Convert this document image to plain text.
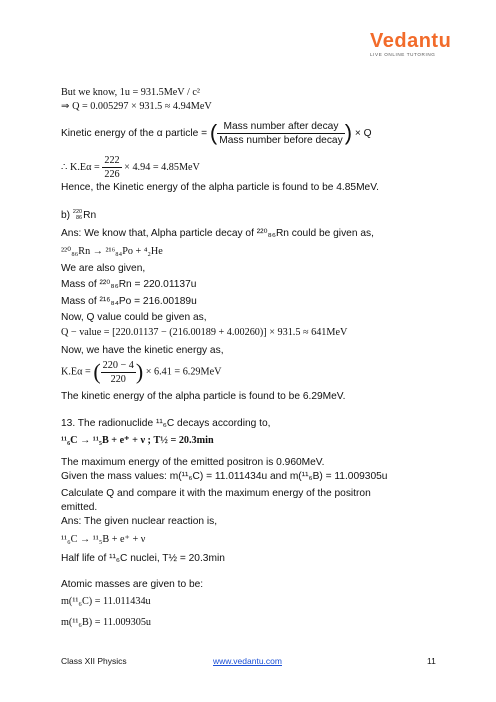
Vedantu
LIVE ONLINE TUTORING
But we know, 1u = 931.5MeV / c²
⇒ Q = 0.005297 × 931.5 ≈ 4.94MeV
Kinetic energy of the α particle = ( $\frac{\text{Mass number after decay}}{\text{Mass number before decay}}$ ) × Q
∴ $K.E\alpha = \frac{222}{226} \times 4.94 = 4.85MeV$
Hence, the Kinetic energy of the alpha particle is found to be 4.85MeV.
b) 220
86 Rn
Ans: We know that, Alpha particle decay of ²²⁰₈₆Rn could be given as,
²²⁰₈₆Rn → ²¹⁶₈₄Po + ⁴₂He
We are also given,
Mass of ²²⁰₈₆Rn = 220.01137u
Mass of ²¹⁶₈₄Po = 216.00189u
Now, Q value could be given as,
Q − value = [220.01137 − (216.00189 + 4.00260)] × 931.5 ≈ 641MeV
Now, we have the kinetic energy as,
K.Eα = ( $\frac{220 - 4}{220}$ ) × 6.41 = 6.29MeV
The kinetic energy of the alpha particle is found to be 6.29MeV.
13. The radionuclide ¹¹₆C decays according to,
¹¹₆C → ¹¹₅B + e⁺ + ν ; T½ = 20.3min
The maximum energy of the emitted positron is 0.960MeV.
Given the mass values: m(¹¹₆C) = 11.011434u and m(¹¹₆B) = 11.009305u
Calculate Q and compare it with the maximum energy of the positron
emitted.
Ans: The given nuclear reaction is,
¹¹₆C → ¹¹₅B + e⁺ + ν
Half life of ¹¹₆C nuclei, T½ = 20.3min
Atomic masses are given to be:
m(¹¹₆C) = 11.011434u
m(¹¹₆B) = 11.009305u
Class XII Physics	www.vedantu.com	11
